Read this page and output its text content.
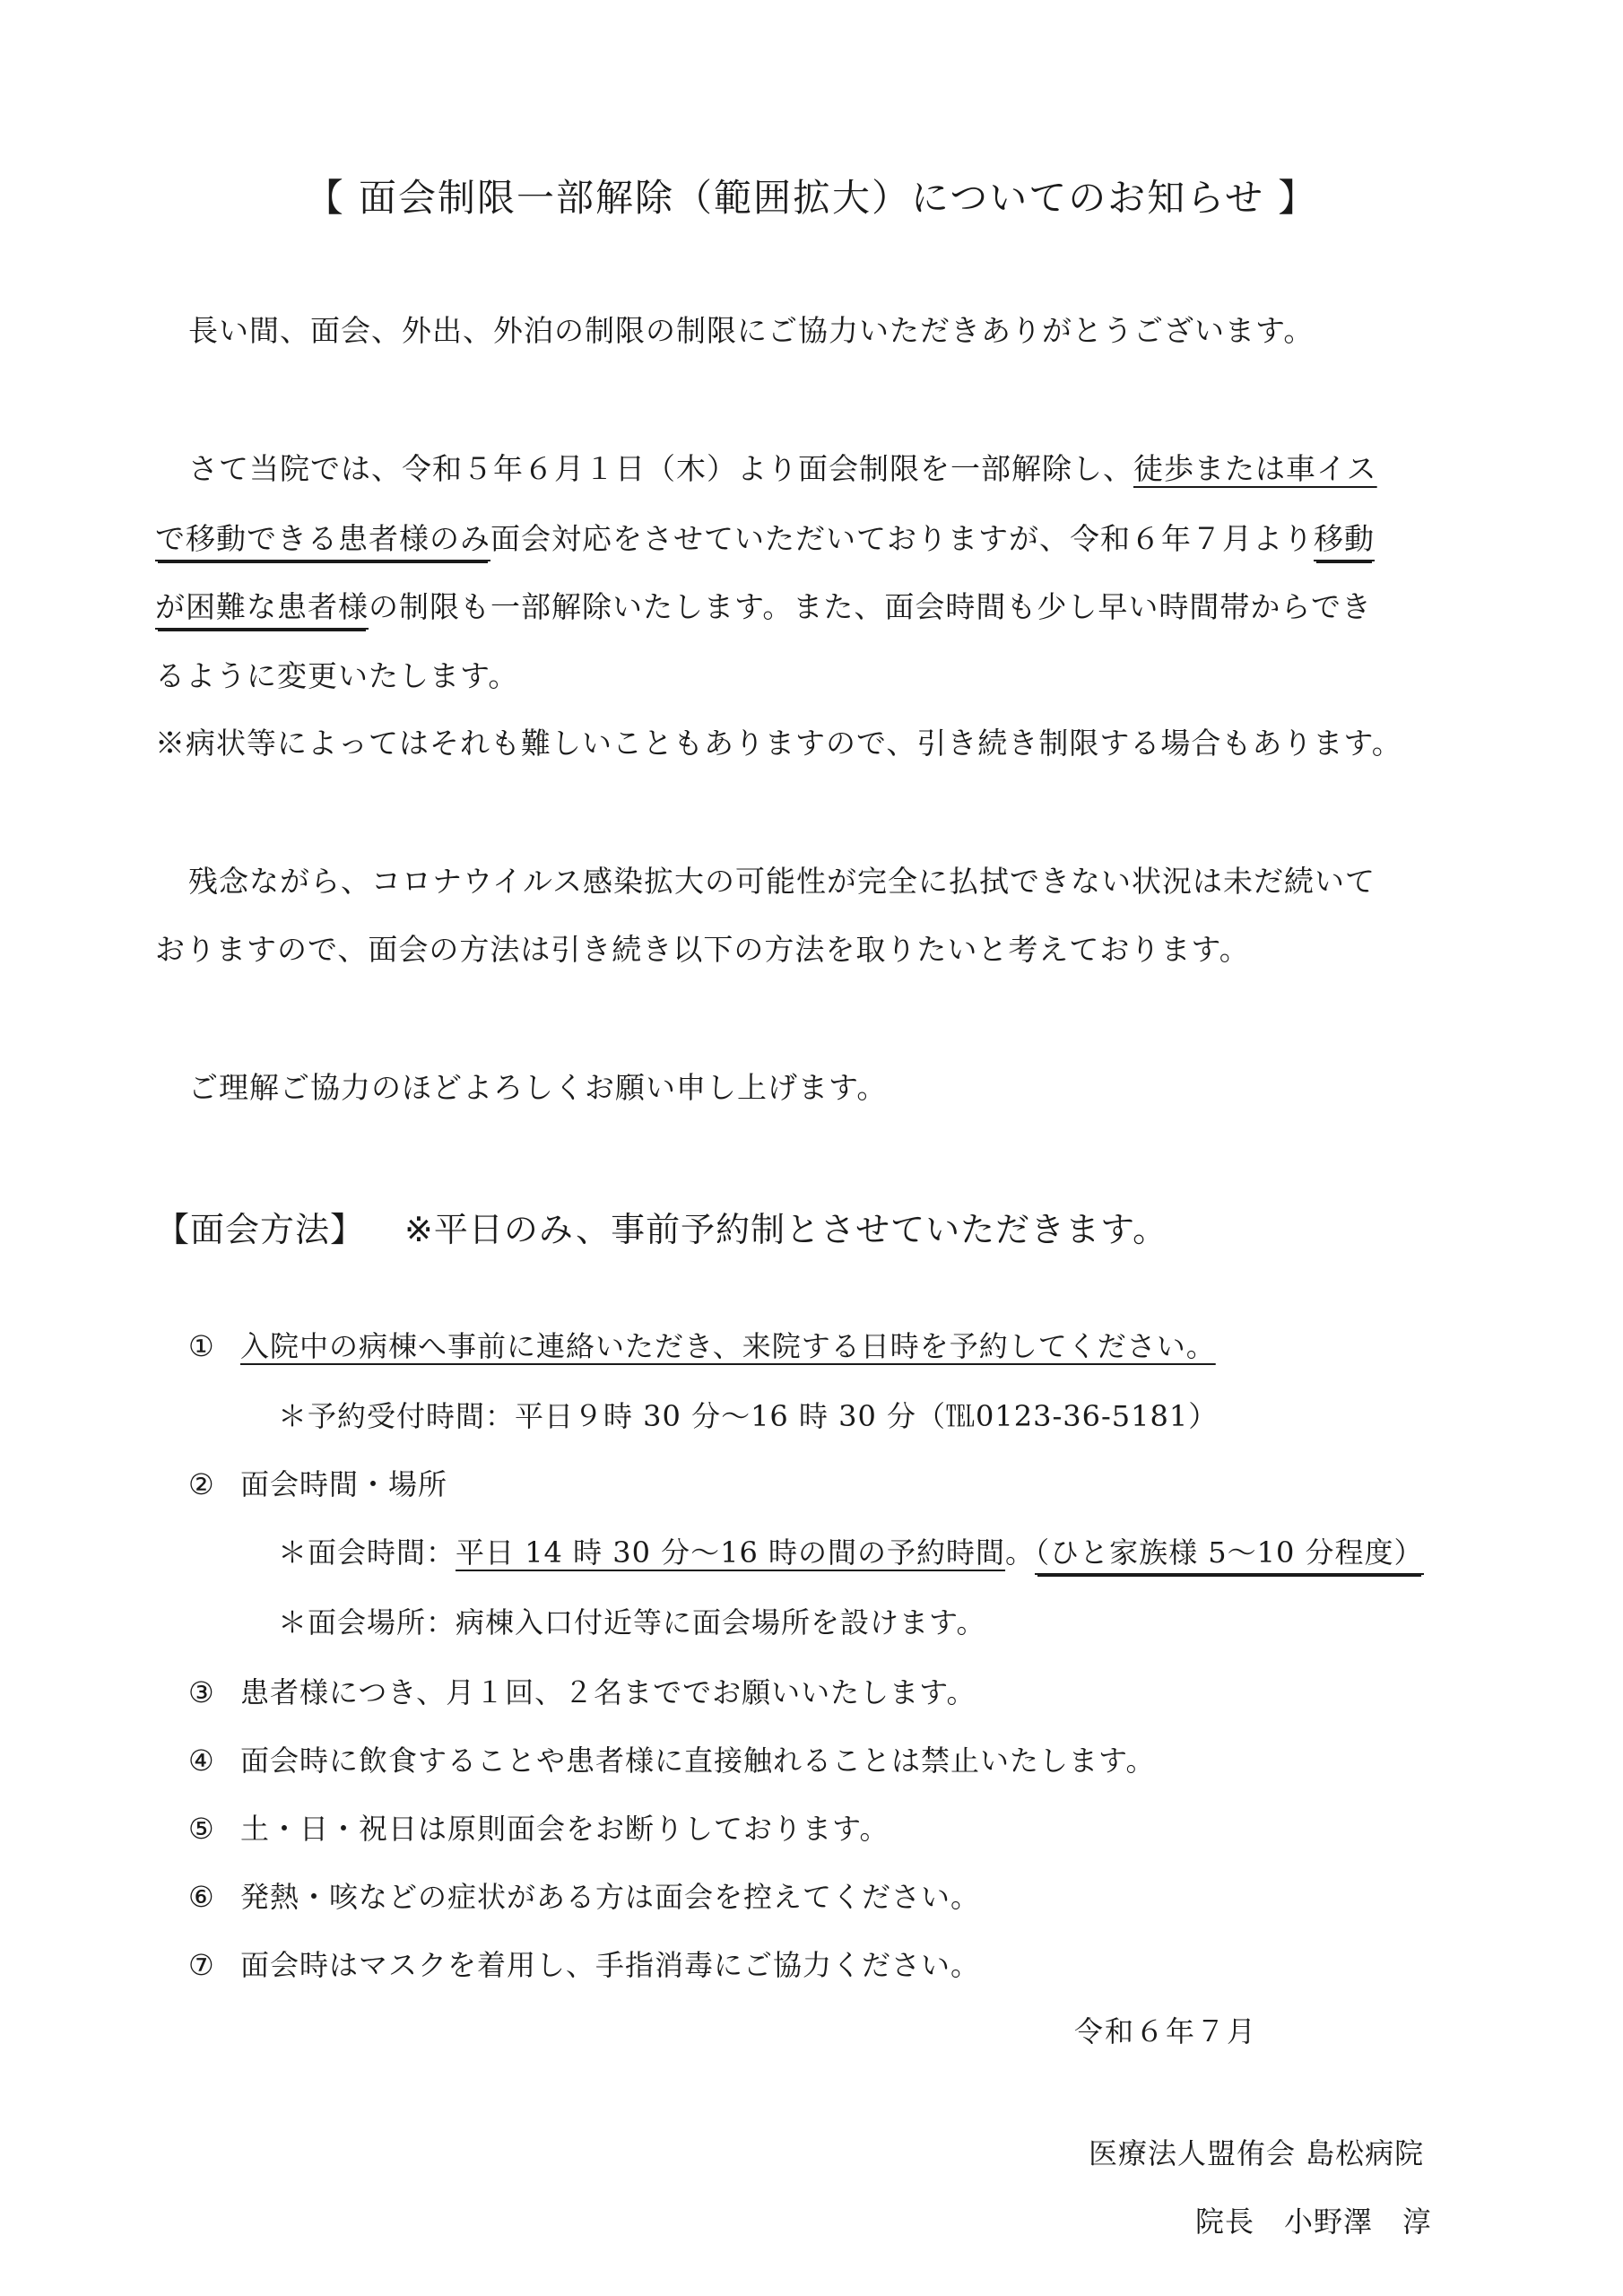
【 面会制限一部解除（範囲拡大）についてのお知らせ 】
長い間、面会、外出、外泊の制限の制限にご協力いただきありがとうございます。
さて当院では、令和５年６月１日（木）より面会制限を一部解除し、徒歩または車イス
で移動できる患者様のみ面会対応をさせていただいておりますが、令和６年７月より移動
が困難な患者様の制限も一部解除いたします。また、面会時間も少し早い時間帯からでき
るように変更いたします。
※病状等によってはそれも難しいこともありますので、引き続き制限する場合もあります。
残念ながら、コロナウイルス感染拡大の可能性が完全に払拭できない状況は未だ続いて
おりますので、面会の方法は引き続き以下の方法を取りたいと考えております。
ご理解ご協力のほどよろしくお願い申し上げます。
【面会方法】 ※平日のみ、事前予約制とさせていただきます。
① 入院中の病棟へ事前に連絡いただき、来院する日時を予約してください。
＊予約受付時間：平日９時 30 分～16 時 30 分（℡0123-36-5181）
② 面会時間・場所
＊面会時間：平日 14 時 30 分～16 時の間の予約時間。（ひと家族様 5～10 分程度）
＊面会場所：病棟入口付近等に面会場所を設けます。
③ 患者様につき、月１回、２名まででお願いいたします。
④ 面会時に飲食することや患者様に直接触れることは禁止いたします。
⑤ 土・日・祝日は原則面会をお断りしております。
⑥ 発熱・咳などの症状がある方は面会を控えてください。
⑦ 面会時はマスクを着用し、手指消毒にご協力ください。
令和６年７月
医療法人盟侑会 島松病院
院長　小野澤　淳
